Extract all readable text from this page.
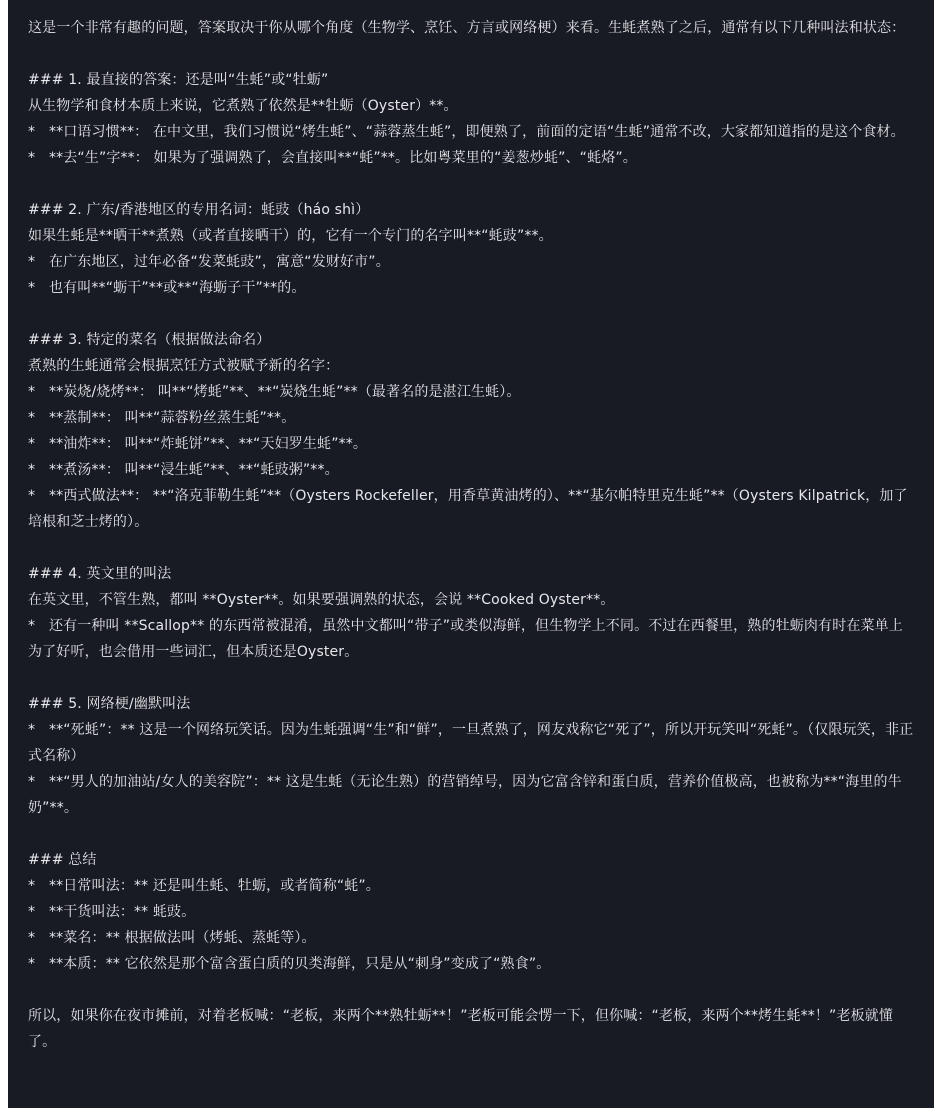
这是一个非常有趣的问题，答案取决于你从哪个角度（生物学、烹饪、方言或网络梗）来看。生蚝煮熟了之后，通常有以下几种叫法和状态：

### 1. 最直接的答案：还是叫“生蚝”或“牡蛎”

从生物学和食材本质上来说，它煮熟了依然是**牡蛎（Oyster）**。

*   **口语习惯**： 在中文里，我们习惯说“烤生蚝”、“蒜蓉蒸生蚝”，即便熟了，前面的定语“生蚝”通常不改，大家都知道指的是这个食材。

*   **去“生”字**： 如果为了强调熟了，会直接叫**“蚝”**。比如粤菜里的“姜葱炒蚝”、“蚝烙”。

### 2. 广东/香港地区的专用名词：蚝豉（háo shì）

如果生蚝是**晒干**煮熟（或者直接晒干）的，它有一个专门的名字叫**“蚝豉”**。

*   在广东地区，过年必备“发菜蚝豉”，寓意“发财好市”。

*   也有叫**“蛎干”**或**“海蛎子干”**的。

### 3. 特定的菜名（根据做法命名）

煮熟的生蚝通常会根据烹饪方式被赋予新的名字：

*   **炭烧/烧烤**： 叫**“烤蚝”**、**“炭烧生蚝”**（最著名的是湛江生蚝）。

*   **蒸制**： 叫**“蒜蓉粉丝蒸生蚝”**。

*   **油炸**： 叫**“炸蚝饼”**、**“天妇罗生蚝”**。

*   **煮汤**： 叫**“浸生蚝”**、**“蚝豉粥”**。

*   **西式做法**： **“洛克菲勒生蚝”**（Oysters Rockefeller，用香草黄油烤的）、**“基尔帕特里克生蚝”**（Oysters Kilpatrick，加了培根和芝士烤的）。

### 4. 英文里的叫法

在英文里，不管生熟，都叫 **Oyster**。如果要强调熟的状态，会说 **Cooked Oyster**。

*   还有一种叫 **Scallop** 的东西常被混淆，虽然中文都叫“带子”或类似海鲜，但生物学上不同。不过在西餐里，熟的牡蛎肉有时在菜单上为了好听，也会借用一些词汇，但本质还是Oyster。

### 5. 网络梗/幽默叫法

*   **“死蚝”：** 这是一个网络玩笑话。因为生蚝强调“生”和“鲜”，一旦煮熟了，网友戏称它“死了”，所以开玩笑叫“死蚝”。（仅限玩笑，非正式名称）

*   **“男人的加油站/女人的美容院”：** 这是生蚝（无论生熟）的营销绰号，因为它富含锌和蛋白质，营养价值极高，也被称为**“海里的牛奶”**。

### 总结

*   **日常叫法：** 还是叫生蚝、牡蛎，或者简称“蚝”。

*   **干货叫法：** 蚝豉。

*   **菜名：** 根据做法叫（烤蚝、蒸蚝等）。

*   **本质：** 它依然是那个富含蛋白质的贝类海鲜，只是从“刺身”变成了“熟食”。

所以，如果你在夜市摊前，对着老板喊：“老板，来两个**熟牡蛎**！”老板可能会愣一下，但你喊：“老板，来两个**烤生蚝**！”老板就懂了。
